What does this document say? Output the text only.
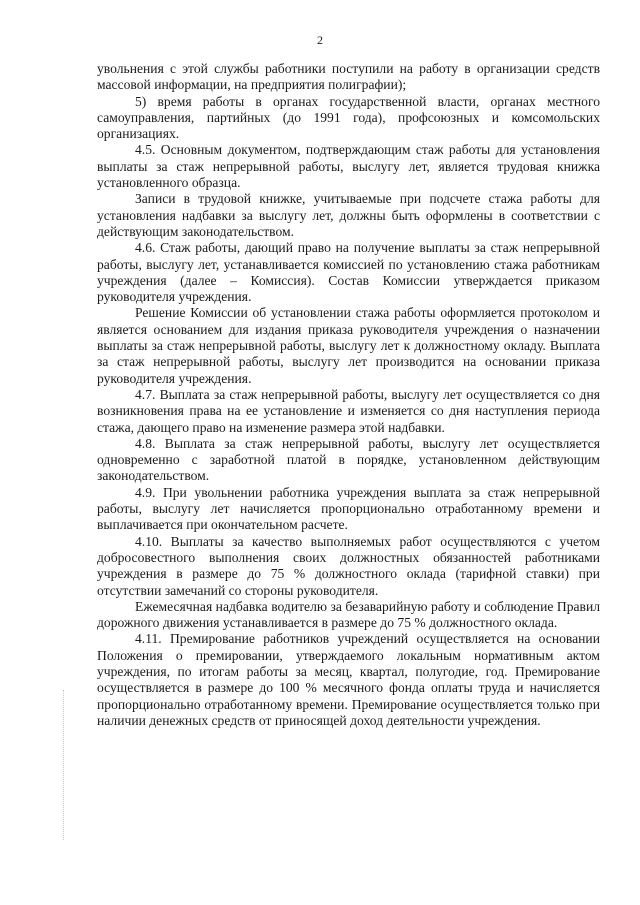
2

увольнения с этой службы работники поступили на работу в организации средств массовой информации, на предприятия полиграфии);

5) время работы в органах государственной власти, органах местного самоуправления, партийных (до 1991 года), профсоюзных и комсомольских организациях.

4.5. Основным документом, подтверждающим стаж работы для установления выплаты за стаж непрерывной работы, выслугу лет, является трудовая книжка установленного образца.

Записи в трудовой книжке, учитываемые при подсчете стажа работы для установления надбавки за выслугу лет, должны быть оформлены в соответствии с действующим законодательством.

4.6. Стаж работы, дающий право на получение выплаты за стаж непрерывной работы, выслугу лет, устанавливается комиссией по установлению стажа работникам учреждения (далее – Комиссия). Состав Комиссии утверждается приказом руководителя учреждения.

Решение Комиссии об установлении стажа работы оформляется протоколом и является основанием для издания приказа руководителя учреждения о назначении выплаты за стаж непрерывной работы, выслугу лет к должностному окладу. Выплата за стаж непрерывной работы, выслугу лет производится на основании приказа руководителя учреждения.

4.7. Выплата за стаж непрерывной работы, выслугу лет осуществляется со дня возникновения права на ее установление и изменяется со дня наступления периода стажа, дающего право на изменение размера этой надбавки.

4.8. Выплата за стаж непрерывной работы, выслугу лет осуществляется одновременно с заработной платой в порядке, установленном действующим законодательством.

4.9. При увольнении работника учреждения выплата за стаж непрерывной работы, выслугу лет начисляется пропорционально отработанному времени и выплачивается при окончательном расчете.

4.10. Выплаты за качество выполняемых работ осуществляются с учетом добросовестного выполнения своих должностных обязанностей работниками учреждения в размере до 75 % должностного оклада (тарифной ставки) при отсутствии замечаний со стороны руководителя.

Ежемесячная надбавка водителю за безаварийную работу и соблюдение Правил дорожного движения устанавливается в размере до 75 % должностного оклада.

4.11. Премирование работников учреждений осуществляется на основании Положения о премировании, утверждаемого локальным нормативным актом учреждения, по итогам работы за месяц, квартал, полугодие, год. Премирование осуществляется в размере до 100 % месячного фонда оплаты труда и начисляется пропорционально отработанному времени. Премирование осуществляется только при наличии денежных средств от приносящей доход деятельности учреждения.
